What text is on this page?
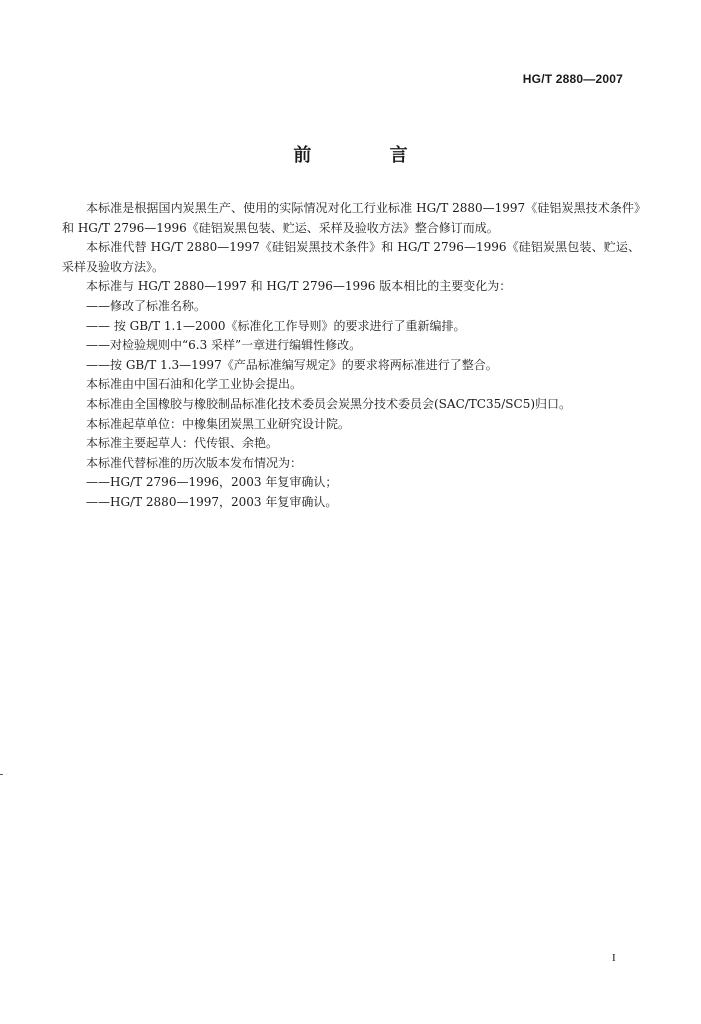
HG/T 2880—2007
前 言

本标准是根据国内炭黑生产、使用的实际情况对化工行业标准 HG/T 2880—1997《硅铝炭黑技术条件》和 HG/T 2796—1996《硅铝炭黑包装、贮运、采样及验收方法》整合修订而成。

本标准代替 HG/T 2880—1997《硅铝炭黑技术条件》和 HG/T 2796—1996《硅铝炭黑包装、贮运、采样及验收方法》。

本标准与 HG/T 2880—1997 和 HG/T 2796—1996 版本相比的主要变化为：

——修改了标准名称。

—— 按 GB/T 1.1—2000《标准化工作导则》的要求进行了重新编排。

——对检验规则中“6.3 采样”一章进行编辑性修改。

——按 GB/T 1.3—1997《产品标准编写规定》的要求将两标准进行了整合。

本标准由中国石油和化学工业协会提出。

本标准由全国橡胶与橡胶制品标准化技术委员会炭黑分技术委员会(SAC/TC35/SC5)归口。

本标准起草单位：中橡集团炭黑工业研究设计院。

本标准主要起草人：代传银、余艳。

本标准代替标准的历次版本发布情况为：

——HG/T 2796—1996，2003 年复审确认；

——HG/T 2880—1997，2003 年复审确认。

I
